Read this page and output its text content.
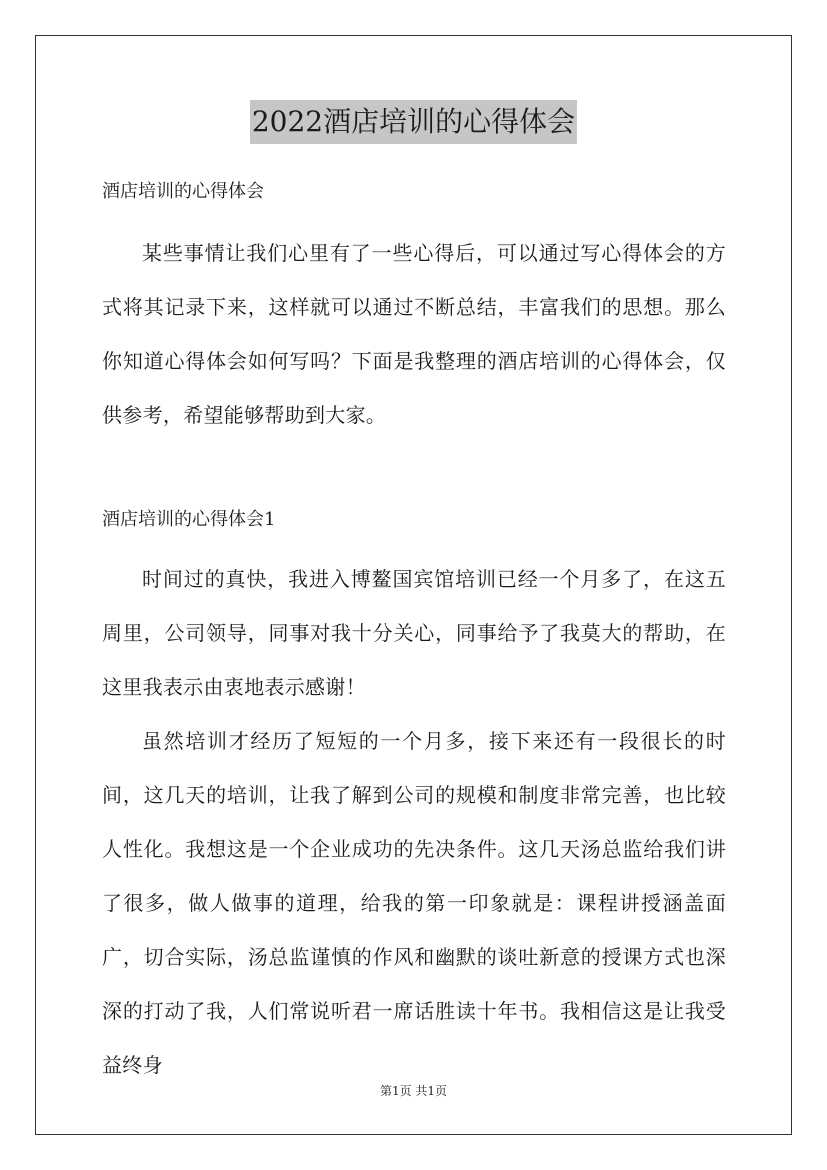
2022酒店培训的心得体会

酒店培训的心得体会

某些事情让我们心里有了一些心得后，可以通过写心得体会的方式将其记录下来，这样就可以通过不断总结，丰富我们的思想。那么你知道心得体会如何写吗？下面是我整理的酒店培训的心得体会，仅供参考，希望能够帮助到大家。

酒店培训的心得体会1

时间过的真快，我进入博鳌国宾馆培训已经一个月多了，在这五周里，公司领导，同事对我十分关心，同事给予了我莫大的帮助，在这里我表示由衷地表示感谢！

虽然培训才经历了短短的一个月多，接下来还有一段很长的时间，这几天的培训，让我了解到公司的规模和制度非常完善，也比较人性化。我想这是一个企业成功的先决条件。这几天汤总监给我们讲了很多，做人做事的道理，给我的第一印象就是：课程讲授涵盖面广，切合实际，汤总监谨慎的作风和幽默的谈吐新意的授课方式也深深的打动了我，人们常说听君一席话胜读十年书。我相信这是让我受益终身

第1页 共1页
